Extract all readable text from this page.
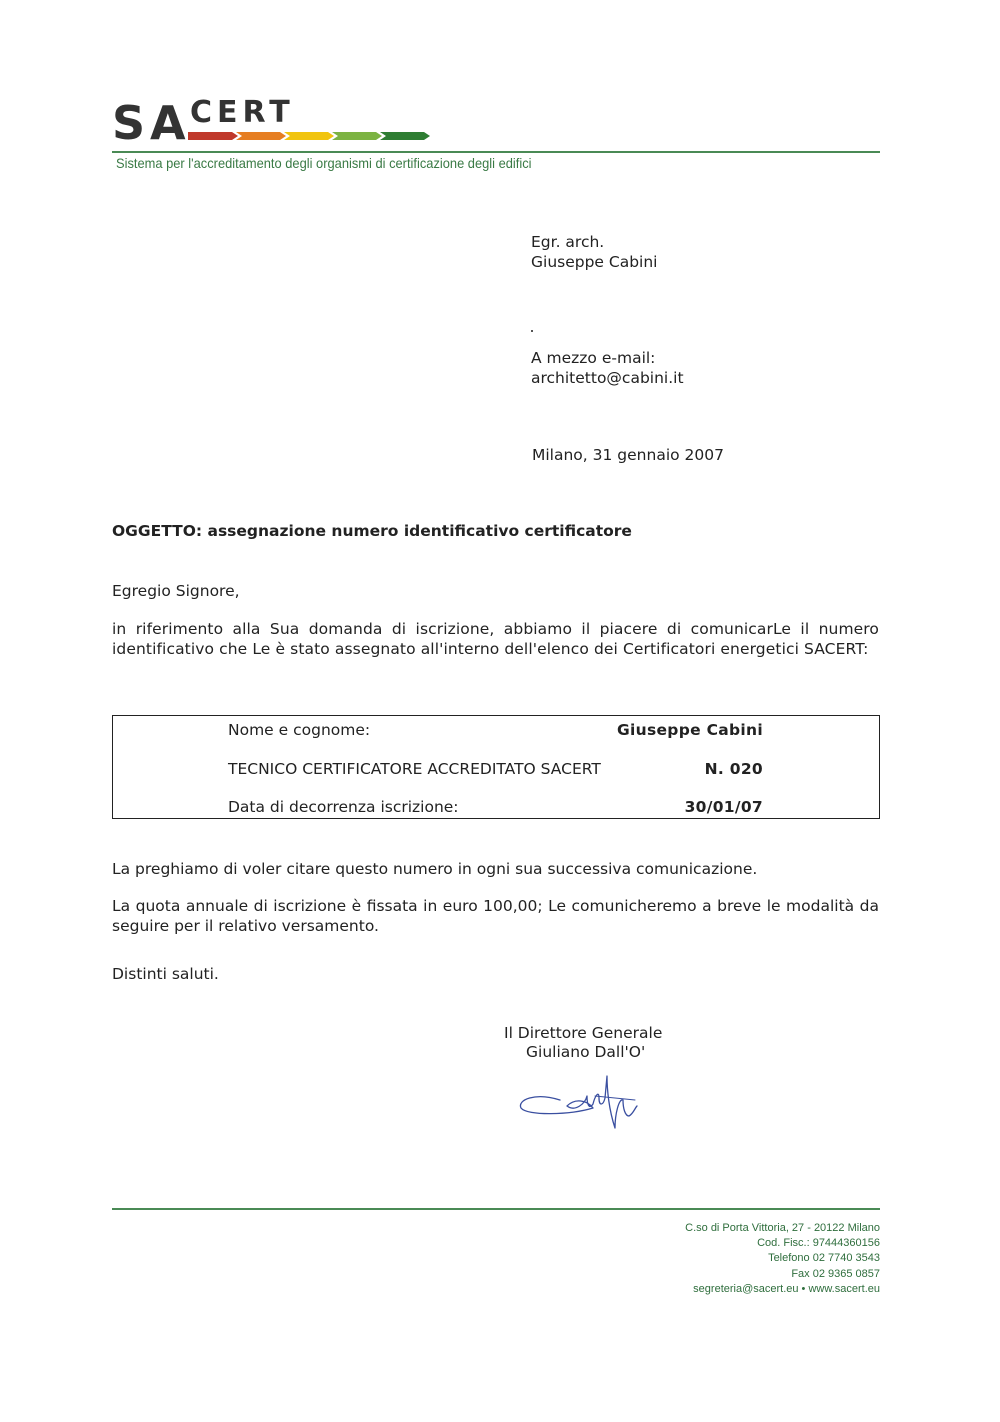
S A CERT
Sistema per l'accreditamento degli organismi di certificazione degli edifici
Egr. arch.
Giuseppe Cabini
A mezzo e-mail:
architetto@cabini.it
Milano, 31 gennaio 2007
OGGETTO: assegnazione numero identificativo certificatore
Egregio Signore,
in riferimento alla Sua domanda di iscrizione, abbiamo il piacere di comunicarLe il numero identificativo che Le è stato assegnato all'interno dell'elenco dei Certificatori energetici SACERT:
Nome e cognome:	Giuseppe Cabini
TECNICO CERTIFICATORE ACCREDITATO SACERT	N. 020
Data di decorrenza iscrizione:	30/01/07
La preghiamo di voler citare questo numero in ogni sua successiva comunicazione.
La quota annuale di iscrizione è fissata in euro 100,00; Le comunicheremo a breve le modalità da seguire per il relativo versamento.
Distinti saluti.
Il Direttore Generale
Giuliano Dall'O'
C.so di Porta Vittoria, 27 - 20122 Milano
Cod. Fisc.: 97444360156
Telefono 02 7740 3543
Fax 02 9365 0857
segreteria@sacert.eu • www.sacert.eu
